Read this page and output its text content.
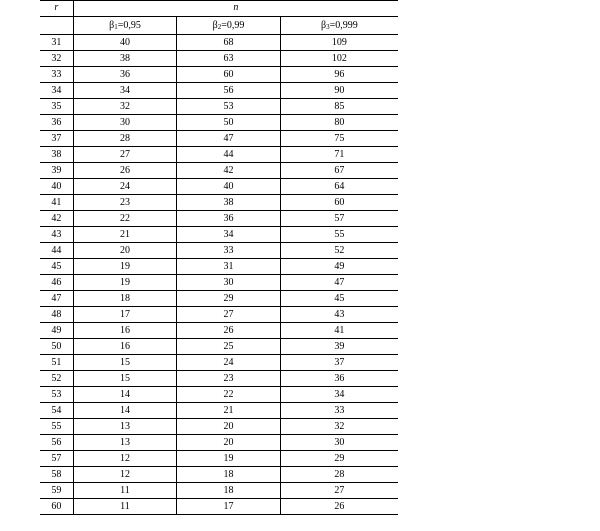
r	n		
	$\beta_1=0,95$	$\beta_2=0,99$	$\beta_3=0,999$
31	40	68	109
32	38	63	102
33	36	60	96
34	34	56	90
35	32	53	85
36	30	50	80
37	28	47	75
38	27	44	71
39	26	42	67
40	24	40	64
41	23	38	60
42	22	36	57
43	21	34	55
44	20	33	52
45	19	31	49
46	19	30	47
47	18	29	45
48	17	27	43
49	16	26	41
50	16	25	39
51	15	24	37
52	15	23	36
53	14	22	34
54	14	21	33
55	13	20	32
56	13	20	30
57	12	19	29
58	12	18	28
59	11	18	27
60	11	17	26
